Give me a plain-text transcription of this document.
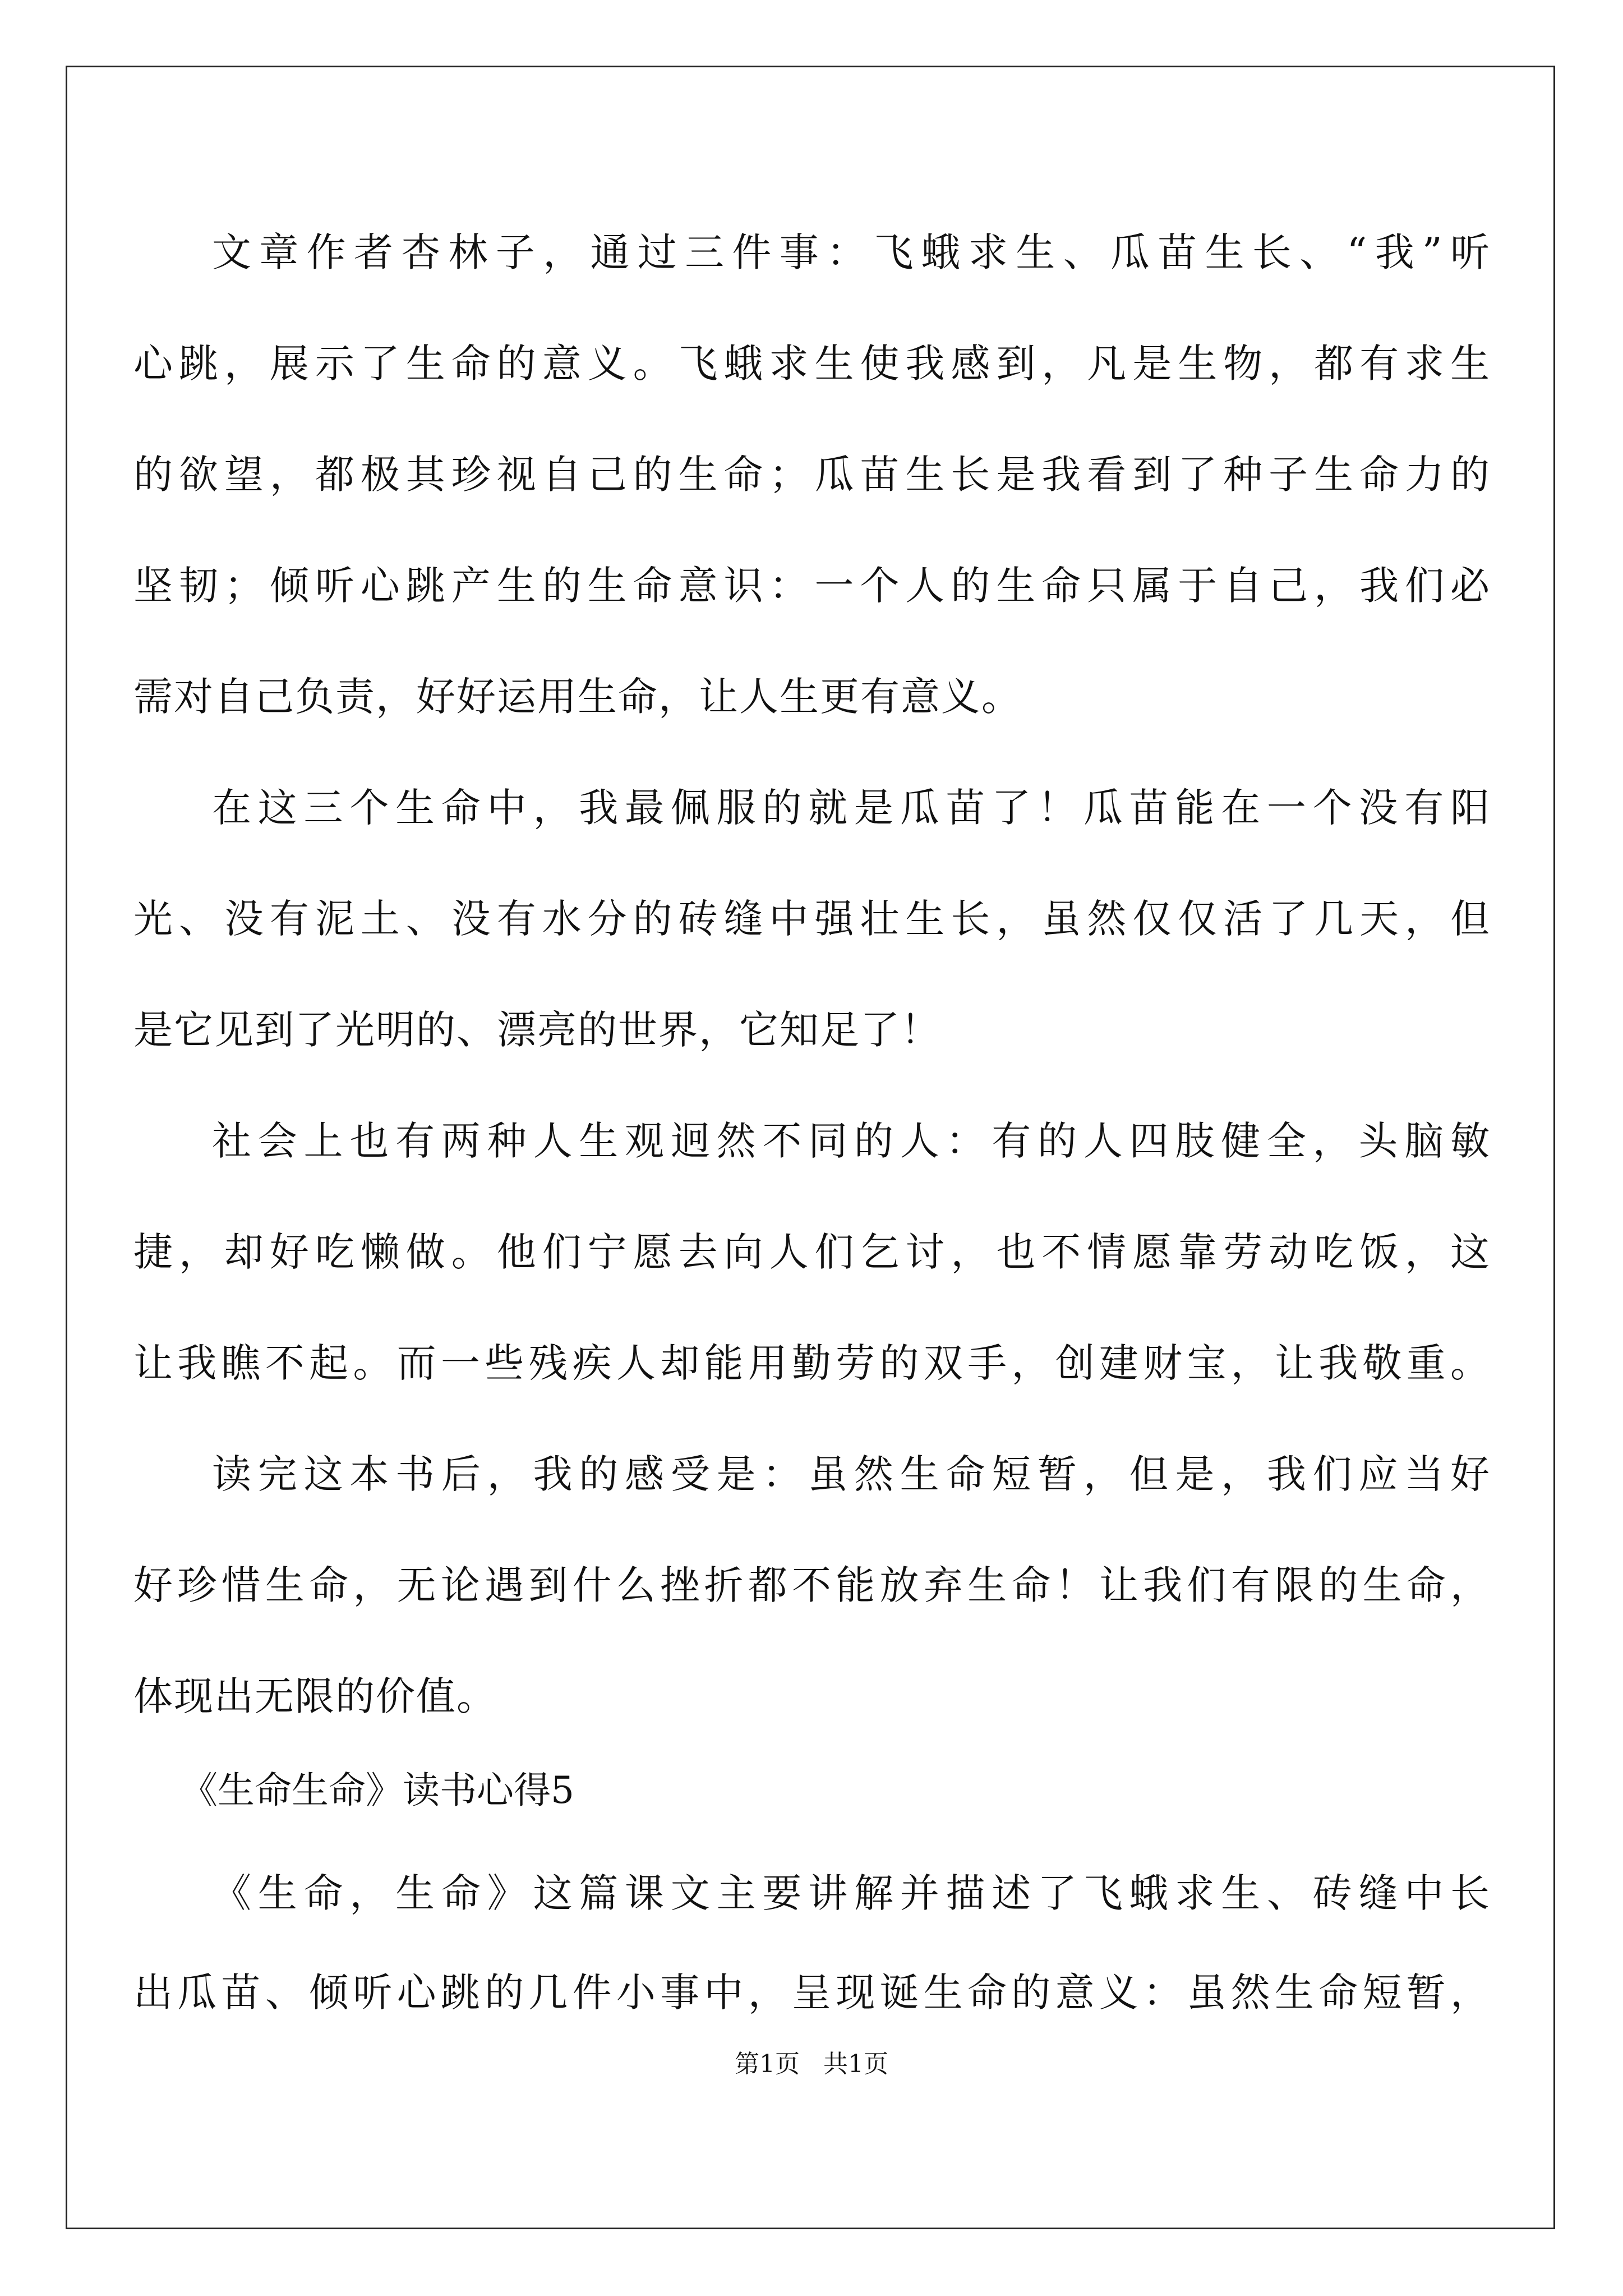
文章作者杏林子，通过三件事：飞蛾求生、瓜苗生长、“我”听
心跳，展示了生命的意义。飞蛾求生使我感到，凡是生物，都有求生
的欲望，都极其珍视自己的生命；瓜苗生长是我看到了种子生命力的
坚韧；倾听心跳产生的生命意识：一个人的生命只属于自己，我们必
需对自己负责，好好运用生命，让人生更有意义。
在这三个生命中，我最佩服的就是瓜苗了！瓜苗能在一个没有阳
光、没有泥土、没有水分的砖缝中强壮生长，虽然仅仅活了几天，但
是它见到了光明的、漂亮的世界，它知足了！
社会上也有两种人生观迥然不同的人：有的人四肢健全，头脑敏
捷，却好吃懒做。他们宁愿去向人们乞讨，也不情愿靠劳动吃饭，这
让我瞧不起。而一些残疾人却能用勤劳的双手，创建财宝，让我敬重。
读完这本书后，我的感受是：虽然生命短暂，但是，我们应当好
好珍惜生命，无论遇到什么挫折都不能放弃生命！让我们有限的生命，
体现出无限的价值。
《生命生命》读书心得5
《生命，生命》这篇课文主要讲解并描述了飞蛾求生、砖缝中长
出瓜苗、倾听心跳的几件小事中，呈现诞生命的意义：虽然生命短暂，
第1页 共1页
